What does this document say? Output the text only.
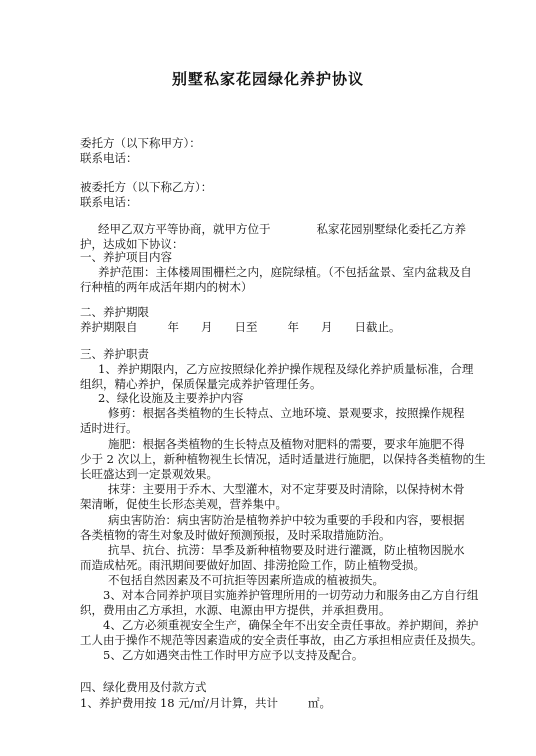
别墅私家花园绿化养护协议
委托方（以下称甲方）：
联系电话：
被委托方（以下称乙方）：
联系电话：
经甲乙双方平等协商，就甲方位于	私家花园别墅绿化委托乙方养
护，达成如下协议：
一、养护项目内容
养护范围：主体楼周围栅栏之内，庭院绿植。（不包括盆景、室内盆栽及自
行种植的两年成活年期内的树木）
二、养护期限
养护期限自	年 月 日至	年 月 日截止。
三、养护职责
1、养护期限内，乙方应按照绿化养护操作规程及绿化养护质量标准，合理
组织，精心养护，保质保量完成养护管理任务。
2、绿化设施及主要养护内容
修剪：根据各类植物的生长特点、立地环境、景观要求，按照操作规程
适时进行。
施肥：根据各类植物的生长特点及植物对肥料的需要，要求年施肥不得
少于 2 次以上，新种植物视生长情况，适时适量进行施肥，以保持各类植物的生
长旺盛达到一定景观效果。
抹芽：主要用于乔木、大型灌木，对不定芽要及时清除，以保持树木骨
架清晰，促使生长形态美观，营养集中。
病虫害防治：病虫害防治是植物养护中较为重要的手段和内容，要根据
各类植物的寄生对象及时做好预测预报，及时采取措施防治。
抗旱、抗台、抗涝：旱季及新种植物要及时进行灌溉，防止植物因脱水
而造成枯死。雨汛期间要做好加固、排涝抢险工作，防止植物受损。
不包括自然因素及不可抗拒等因素所造成的植被损失。
3、对本合同养护项目实施养护管理所用的一切劳动力和服务由乙方自行组
织，费用由乙方承担，水源、电源由甲方提供，并承担费用。
4、乙方必须重视安全生产，确保全年不出安全责任事故。养护期间，养护
工人由于操作不规范等因素造成的安全责任事故，由乙方承担相应责任及损失。
5、乙方如遇突击性工作时甲方应予以支持及配合。
四、绿化费用及付款方式
1、养护费用按 18 元/㎡/月计算，共计	㎡。
